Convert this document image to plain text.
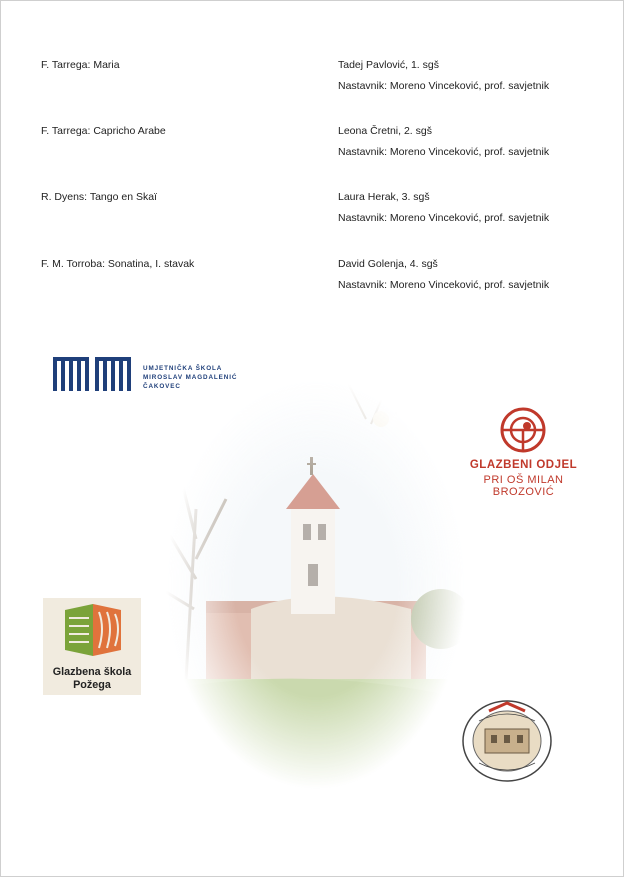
F. Tarrega: Maria	Tadej Pavlović, 1. sgš
Nastavnik: Moreno Vinceković, prof. savjetnik
F. Tarrega: Capricho Arabe	Leona Čretni, 2. sgš
Nastavnik: Moreno Vinceković, prof. savjetnik
R. Dyens: Tango en Skaï	Laura Herak, 3. sgš
Nastavnik: Moreno Vinceković, prof. savjetnik
F. M. Torroba: Sonatina, I. stavak	David Golenja, 4. sgš
Nastavnik: Moreno Vinceković, prof. savjetnik
UMJETNIČKA ŠKOLA
MIROSLAV MAGDALENIĆ
ČAKOVEC
GLAZBENI ODJEL
PRI OŠ MILAN BROZOVIĆ
Glazbena škola
Požega
